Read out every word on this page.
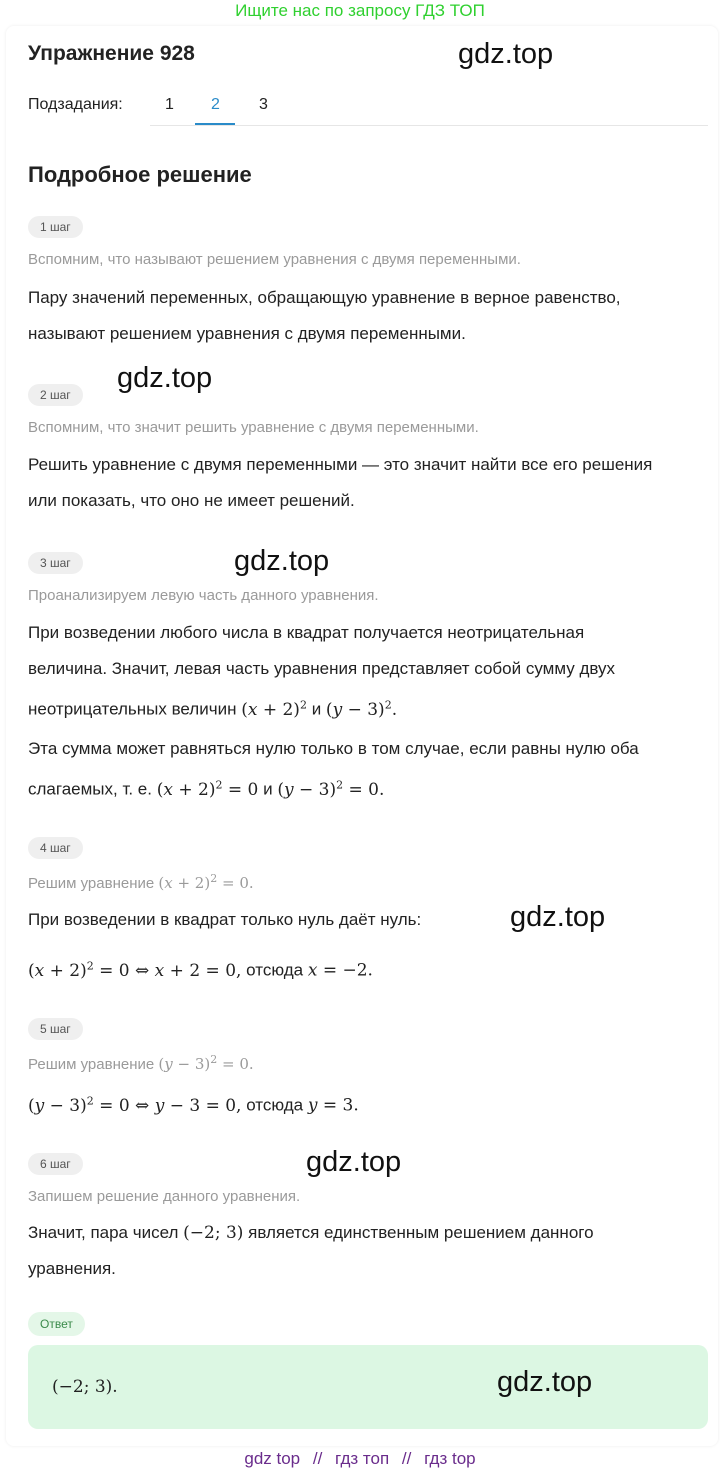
Ищите нас по запросу ГДЗ ТОП
Упражнение 928	gdz.top
Подзадания:	1 2 3
Подробное решение
1 шаг
Вспомним, что называют решением уравнения с двумя переменными.
Пару значений переменных, обращающую уравнение в верное равенство,
называют решением уравнения с двумя переменными.
gdz.top
2 шаг
Вспомним, что значит решить уравнение с двумя переменными.
Решить уравнение с двумя переменными — это значит найти все его решения
или показать, что оно не имеет решений.
gdz.top
3 шаг
Проанализируем левую часть данного уравнения.
При возведении любого числа в квадрат получается неотрицательная
величина. Значит, левая часть уравнения представляет собой сумму двух
неотрицательных величин $(x + 2)^2$ и $(y - 3)^2$.
Эта сумма может равняться нулю только в том случае, если равны нулю оба
слагаемых, т. е. $(x + 2)^2 = 0$ и $(y - 3)^2 = 0$.
4 шаг
Решим уравнение $(x + 2)^2 = 0$.
При возведении в квадрат только нуль даёт нуль:	gdz.top
$(x + 2)^2 = 0$ ⇔ x + 2 = 0, отсюда x = −2.
5 шаг
Решим уравнение $(y - 3)^2 = 0$.
$(y - 3)^2 = 0$ ⇔ y − 3 = 0, отсюда y = 3.
6 шаг	gdz.top
Запишем решение данного уравнения.
Значит, пара чисел (−2; 3) является единственным решением данного
уравнения.
Ответ
(−2; 3).	gdz.top
gdz top // гдз топ // гдз top
